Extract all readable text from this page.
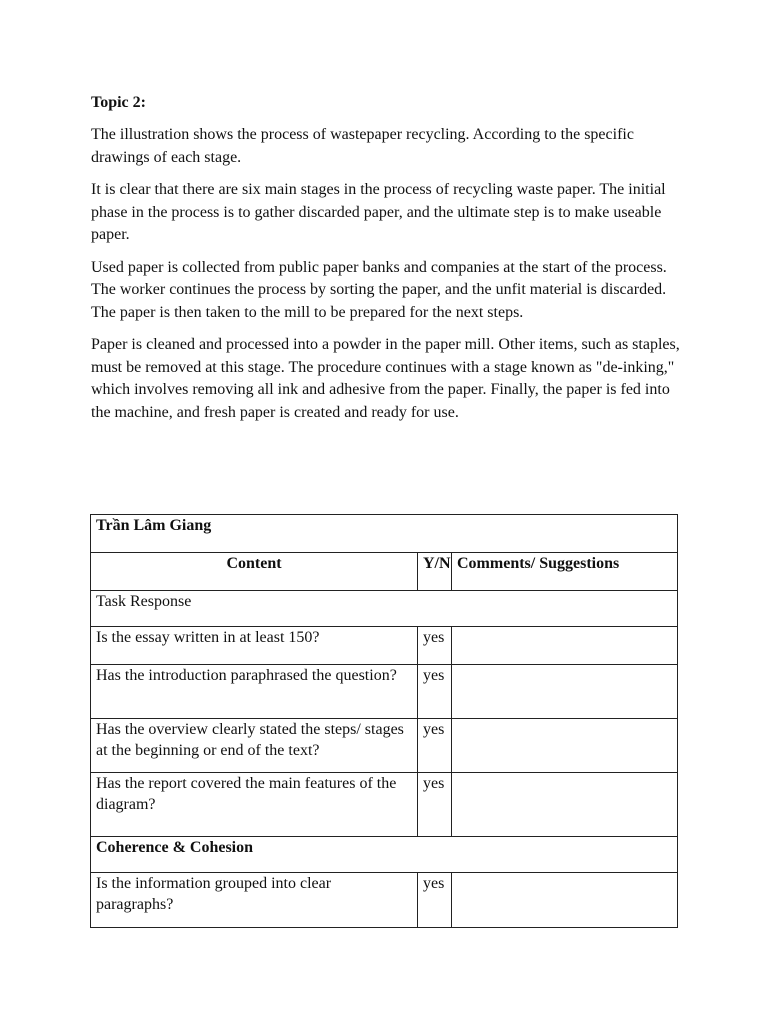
Topic 2:

The illustration shows the process of wastepaper recycling. According to the specific drawings of each stage.

It is clear that there are six main stages in the process of recycling waste paper. The initial phase in the process is to gather discarded paper, and the ultimate step is to make useable paper.

Used paper is collected from public paper banks and companies at the start of the process. The worker continues the process by sorting the paper, and the unfit material is discarded. The paper is then taken to the mill to be prepared for the next steps.

Paper is cleaned and processed into a powder in the paper mill. Other items, such as staples, must be removed at this stage. The procedure continues with a stage known as "de-inking," which involves removing all ink and adhesive from the paper. Finally, the paper is fed into the machine, and fresh paper is created and ready for use.

Trần Lâm Giang		
Content	Y/N	Comments/ Suggestions
Task Response		
Is the essay written in at least 150?	yes	
Has the introduction paraphrased the question?	yes	
Has the overview clearly stated the steps/ stages at the beginning or end of the text?	yes	
Has the report covered the main features of the diagram?	yes	
Coherence & Cohesion		
Is the information grouped into clear paragraphs?	yes	
